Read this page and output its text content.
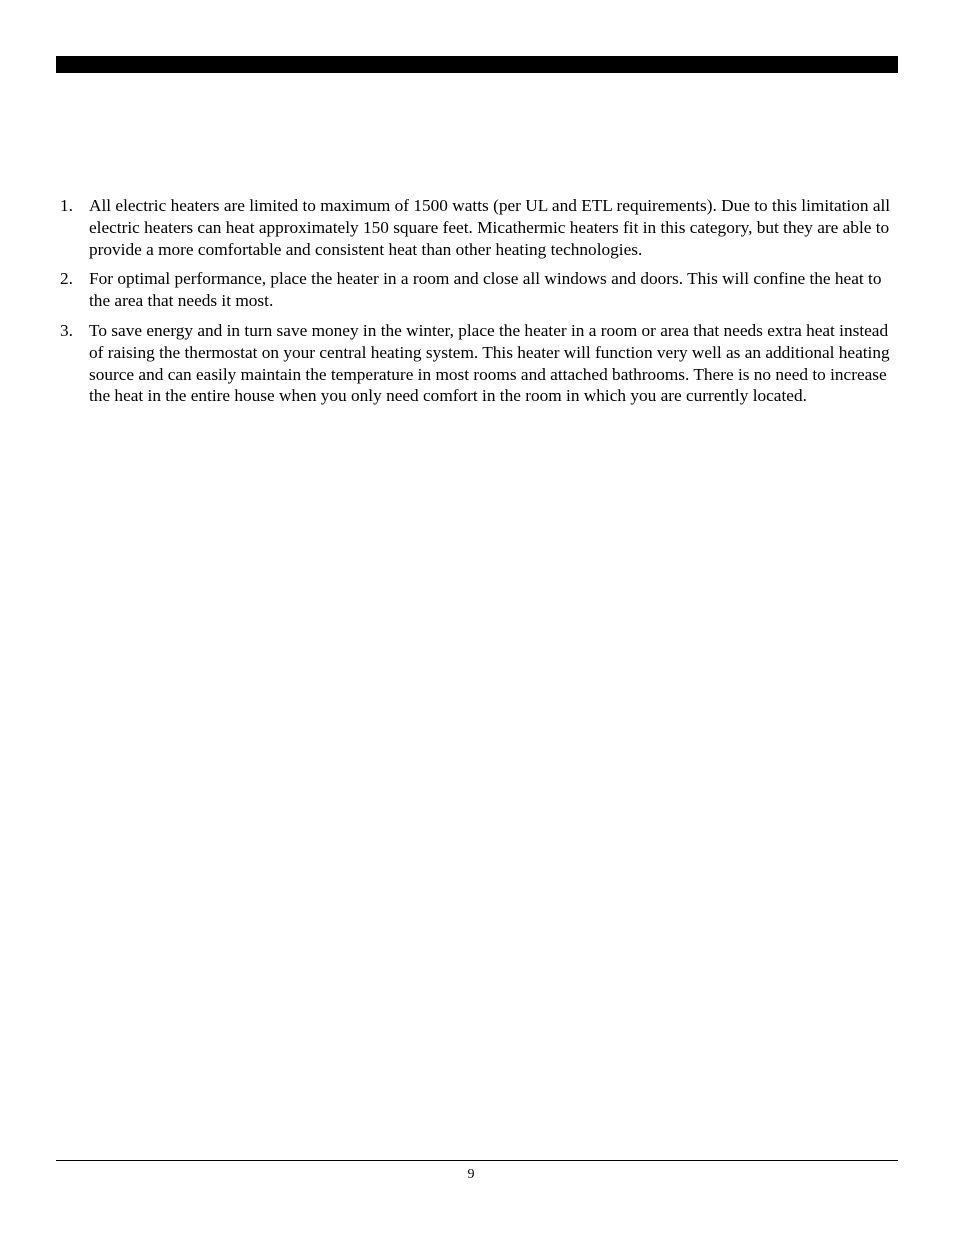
1. All electric heaters are limited to maximum of 1500 watts (per UL and ETL requirements). Due to this limitation all electric heaters can heat approximately 150 square feet. Micathermic heaters fit in this category, but they are able to provide a more comfortable and consistent heat than other heating technologies.
2. For optimal performance, place the heater in a room and close all windows and doors. This will confine the heat to the area that needs it most.
3. To save energy and in turn save money in the winter, place the heater in a room or area that needs extra heat instead of raising the thermostat on your central heating system. This heater will function very well as an additional heating source and can easily maintain the temperature in most rooms and attached bathrooms. There is no need to increase the heat in the entire house when you only need comfort in the room in which you are currently located.
9
